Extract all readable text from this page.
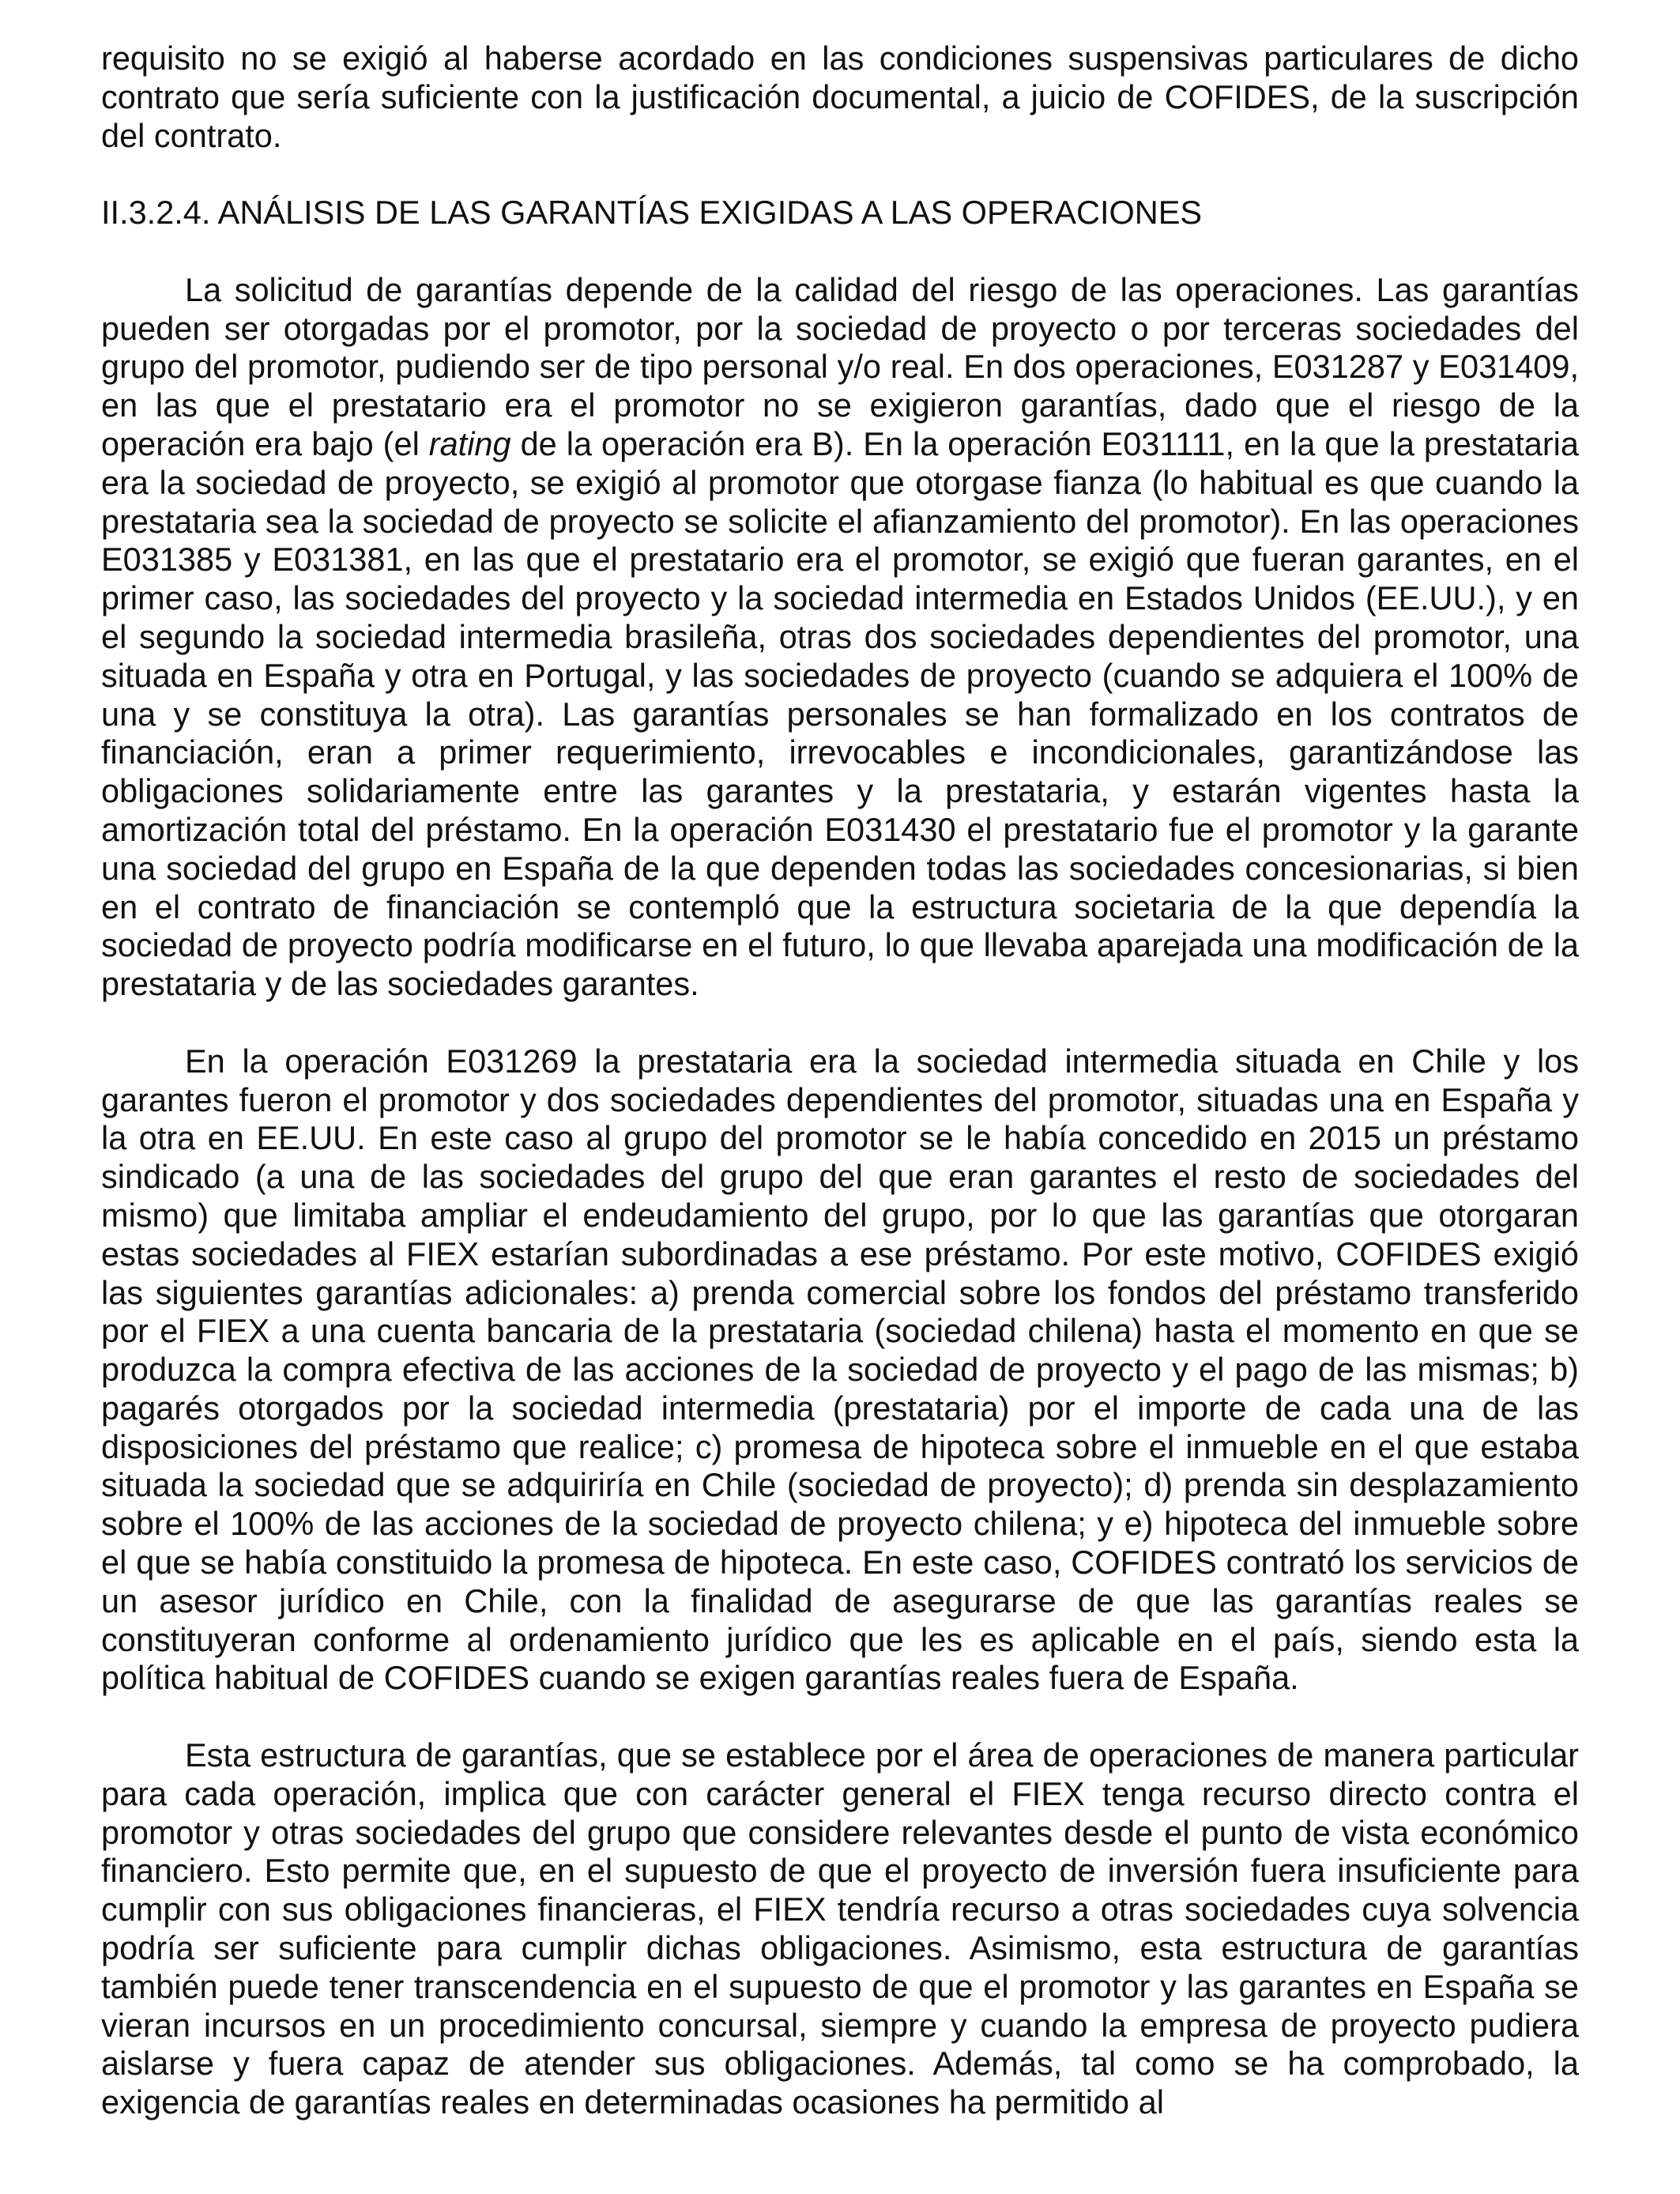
requisito no se exigió al haberse acordado en las condiciones suspensivas particulares de dicho contrato que sería suficiente con la justificación documental, a juicio de COFIDES, de la suscripción del contrato.

II.3.2.4. ANÁLISIS DE LAS GARANTÍAS EXIGIDAS A LAS OPERACIONES

La solicitud de garantías depende de la calidad del riesgo de las operaciones. Las garantías pueden ser otorgadas por el promotor, por la sociedad de proyecto o por terceras sociedades del grupo del promotor, pudiendo ser de tipo personal y/o real. En dos operaciones, E031287 y E031409, en las que el prestatario era el promotor no se exigieron garantías, dado que el riesgo de la operación era bajo (el rating de la operación era B). En la operación E031111, en la que la prestataria era la sociedad de proyecto, se exigió al promotor que otorgase fianza (lo habitual es que cuando la prestataria sea la sociedad de proyecto se solicite el afianzamiento del promotor). En las operaciones E031385 y E031381, en las que el prestatario era el promotor, se exigió que fueran garantes, en el primer caso, las sociedades del proyecto y la sociedad intermedia en Estados Unidos (EE.UU.), y en el segundo la sociedad intermedia brasileña, otras dos sociedades dependientes del promotor, una situada en España y otra en Portugal, y las sociedades de proyecto (cuando se adquiera el 100% de una y se constituya la otra). Las garantías personales se han formalizado en los contratos de financiación, eran a primer requerimiento, irrevocables e incondicionales, garantizándose las obligaciones solidariamente entre las garantes y la prestataria, y estarán vigentes hasta la amortización total del préstamo. En la operación E031430 el prestatario fue el promotor y la garante una sociedad del grupo en España de la que dependen todas las sociedades concesionarias, si bien en el contrato de financiación se contempló que la estructura societaria de la que dependía la sociedad de proyecto podría modificarse en el futuro, lo que llevaba aparejada una modificación de la prestataria y de las sociedades garantes.

En la operación E031269 la prestataria era la sociedad intermedia situada en Chile y los garantes fueron el promotor y dos sociedades dependientes del promotor, situadas una en España y la otra en EE.UU. En este caso al grupo del promotor se le había concedido en 2015 un préstamo sindicado (a una de las sociedades del grupo del que eran garantes el resto de sociedades del mismo) que limitaba ampliar el endeudamiento del grupo, por lo que las garantías que otorgaran estas sociedades al FIEX estarían subordinadas a ese préstamo. Por este motivo, COFIDES exigió las siguientes garantías adicionales: a) prenda comercial sobre los fondos del préstamo transferido por el FIEX a una cuenta bancaria de la prestataria (sociedad chilena) hasta el momento en que se produzca la compra efectiva de las acciones de la sociedad de proyecto y el pago de las mismas; b) pagarés otorgados por la sociedad intermedia (prestataria) por el importe de cada una de las disposiciones del préstamo que realice; c) promesa de hipoteca sobre el inmueble en el que estaba situada la sociedad que se adquiriría en Chile (sociedad de proyecto); d) prenda sin desplazamiento sobre el 100% de las acciones de la sociedad de proyecto chilena; y e) hipoteca del inmueble sobre el que se había constituido la promesa de hipoteca. En este caso, COFIDES contrató los servicios de un asesor jurídico en Chile, con la finalidad de asegurarse de que las garantías reales se constituyeran conforme al ordenamiento jurídico que les es aplicable en el país, siendo esta la política habitual de COFIDES cuando se exigen garantías reales fuera de España.

Esta estructura de garantías, que se establece por el área de operaciones de manera particular para cada operación, implica que con carácter general el FIEX tenga recurso directo contra el promotor y otras sociedades del grupo que considere relevantes desde el punto de vista económico financiero. Esto permite que, en el supuesto de que el proyecto de inversión fuera insuficiente para cumplir con sus obligaciones financieras, el FIEX tendría recurso a otras sociedades cuya solvencia podría ser suficiente para cumplir dichas obligaciones. Asimismo, esta estructura de garantías también puede tener transcendencia en el supuesto de que el promotor y las garantes en España se vieran incursos en un procedimiento concursal, siempre y cuando la empresa de proyecto pudiera aislarse y fuera capaz de atender sus obligaciones. Además, tal como se ha comprobado, la exigencia de garantías reales en determinadas ocasiones ha permitido al
